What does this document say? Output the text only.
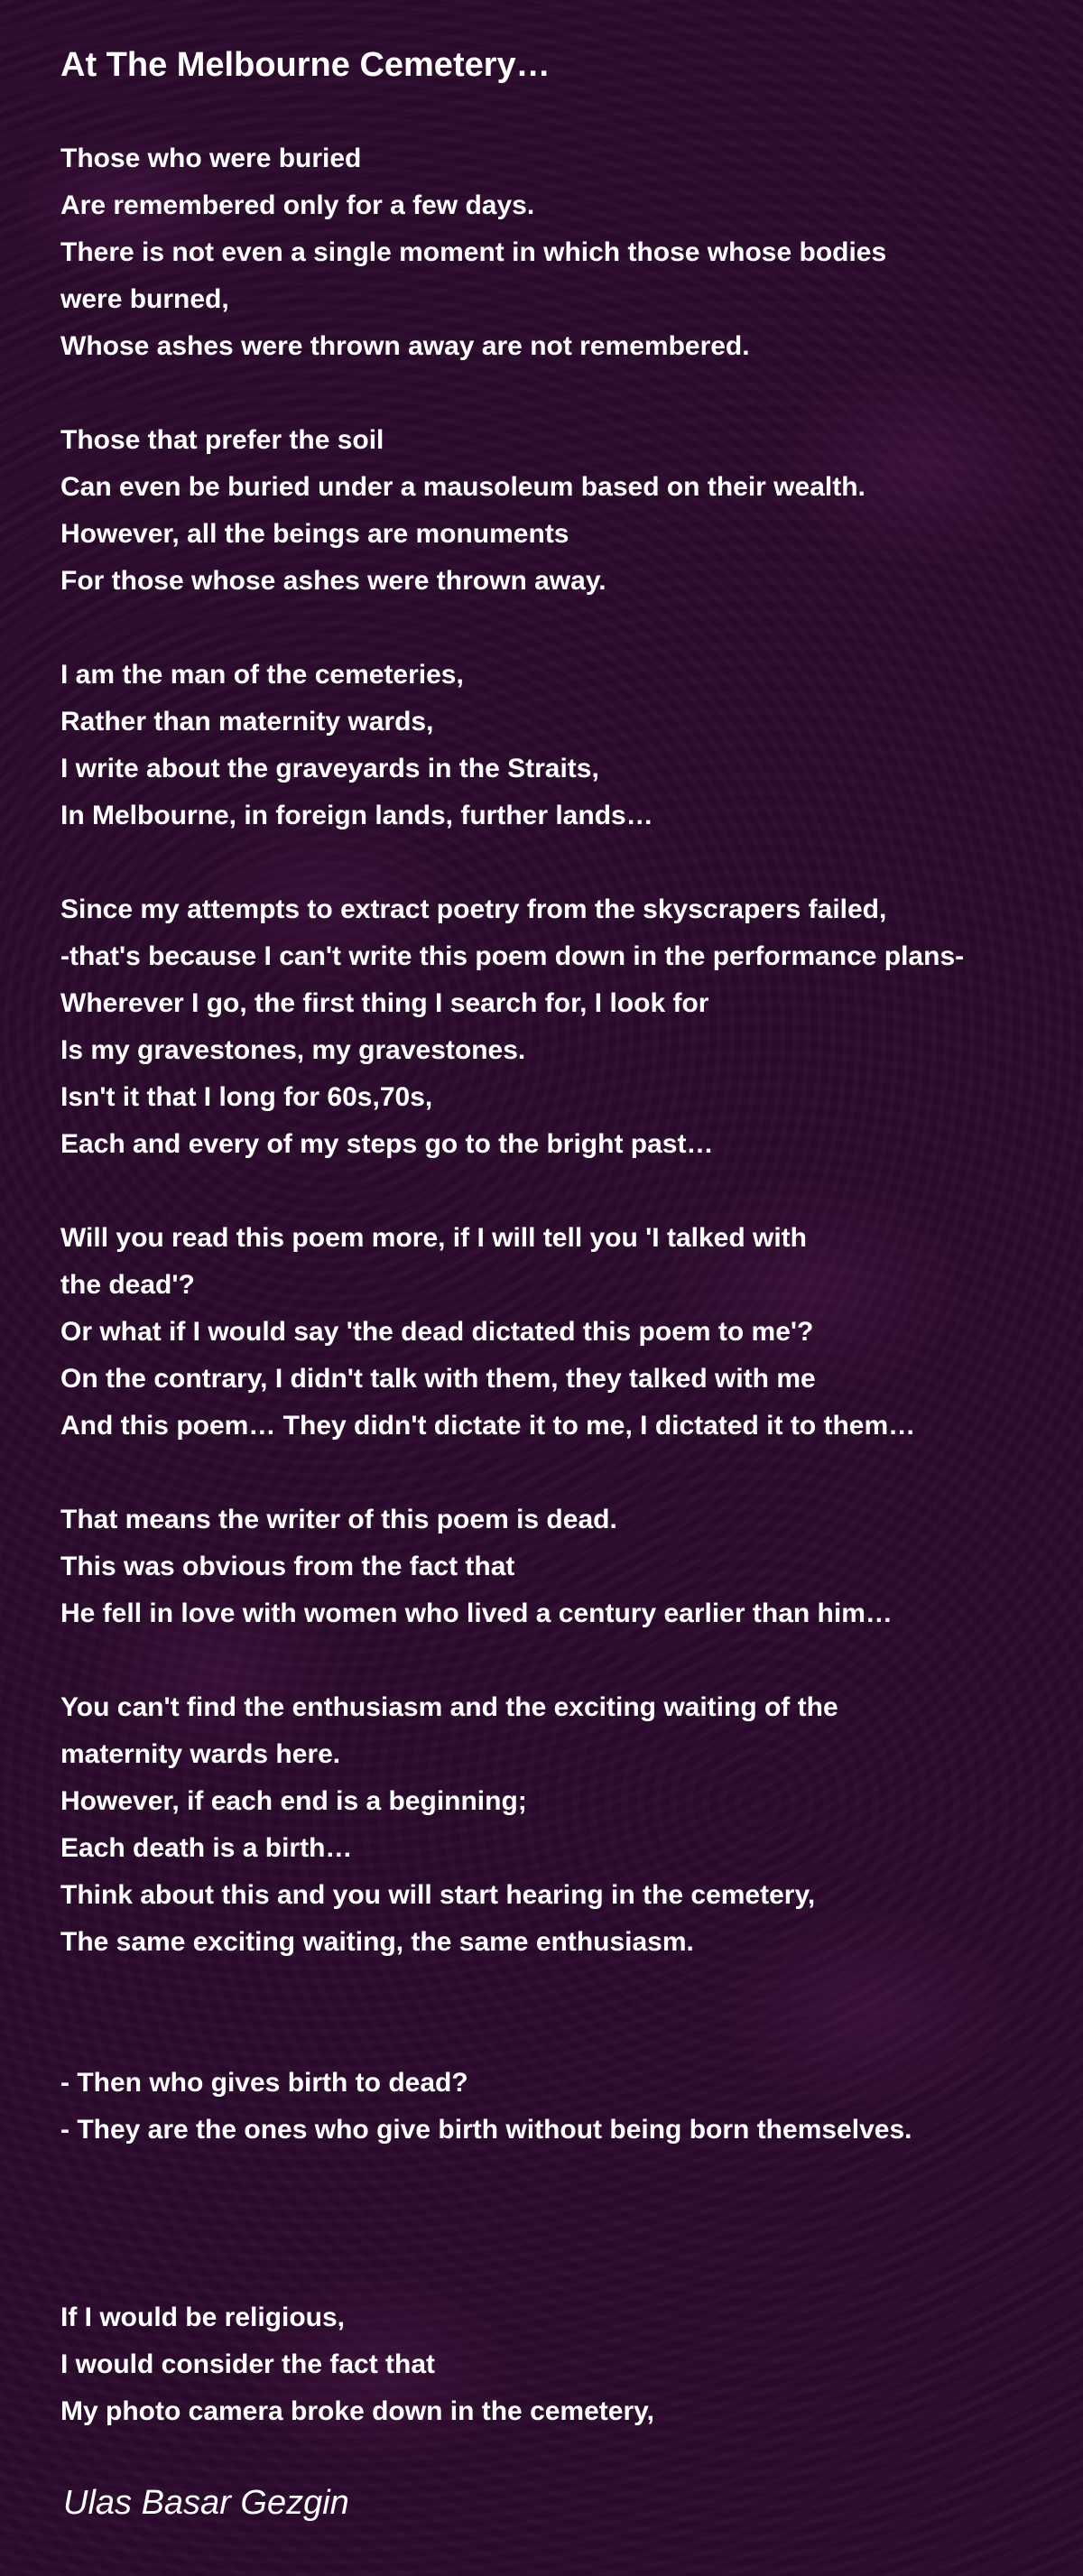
At The Melbourne Cemetery…
Those who were buried
Are remembered only for a few days.
There is not even a single moment in which those whose bodies
were burned,
Whose ashes were thrown away are not remembered.
Those that prefer the soil
Can even be buried under a mausoleum based on their wealth.
However, all the beings are monuments
For those whose ashes were thrown away.
I am the man of the cemeteries,
Rather than maternity wards,
I write about the graveyards in the Straits,
In Melbourne, in foreign lands, further lands…
Since my attempts to extract poetry from the skyscrapers failed,
-that's because I can't write this poem down in the performance plans-
Wherever I go, the first thing I search for, I look for
Is my gravestones, my gravestones.
Isn't it that I long for 60s,70s,
Each and every of my steps go to the bright past…
Will you read this poem more, if I will tell you 'I talked with
the dead'?
Or what if I would say 'the dead dictated this poem to me'?
On the contrary, I didn't talk with them, they talked with me
And this poem… They didn't dictate it to me, I dictated it to them…
That means the writer of this poem is dead.
This was obvious from the fact that
He fell in love with women who lived a century earlier than him…
You can't find the enthusiasm and the exciting waiting of the
maternity wards here.
However, if each end is a beginning;
Each death is a birth…
Think about this and you will start hearing in the cemetery,
The same exciting waiting, the same enthusiasm.
- Then who gives birth to dead?
- They are the ones who give birth without being born themselves.
If I would be religious,
I would consider the fact that
My photo camera broke down in the cemetery,

Ulas Basar Gezgin
